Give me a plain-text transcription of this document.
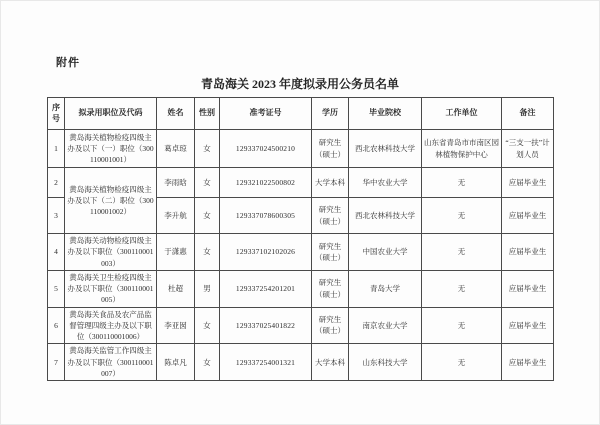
附件
青岛海关 2023 年度拟录用公务员名单
序号	拟录用职位及代码	姓名	性别	准考证号	学历	毕业院校	工作单位	备注
1	黄岛海关植物检疫四级主办及以下（一）职位（300110001001）	葛卓琼	女	129337024500210	研究生（硕士）	西北农林科技大学	山东省青岛市市南区园林植物保护中心	“三支一扶”计划人员
2	黄岛海关植物检疫四级主办及以下（二）职位（300110001002）	李雨晗	女	129321022500802	大学本科	华中农业大学	无	应届毕业生
3		李升航	女	129337078600305	研究生（硕士）	西北农林科技大学	无	应届毕业生
4	黄岛海关动物检疫四级主办及以下职位（300110001003）	于潇惠	女	129337102102026	研究生（硕士）	中国农业大学	无	应届毕业生
5	黄岛海关卫生检疫四级主办及以下职位（300110001005）	杜超	男	129337254201201	研究生（硕士）	青岛大学	无	应届毕业生
6	黄岛海关食品及农产品监督管理四级主办及以下职位（300110001006）	李亚囡	女	129337025401822	研究生（硕士）	南京农业大学	无	应届毕业生
7	黄岛海关监管工作四级主办及以下职位（300110001007）	陈卓凡	女	129337254001321	大学本科	山东科技大学	无	应届毕业生
